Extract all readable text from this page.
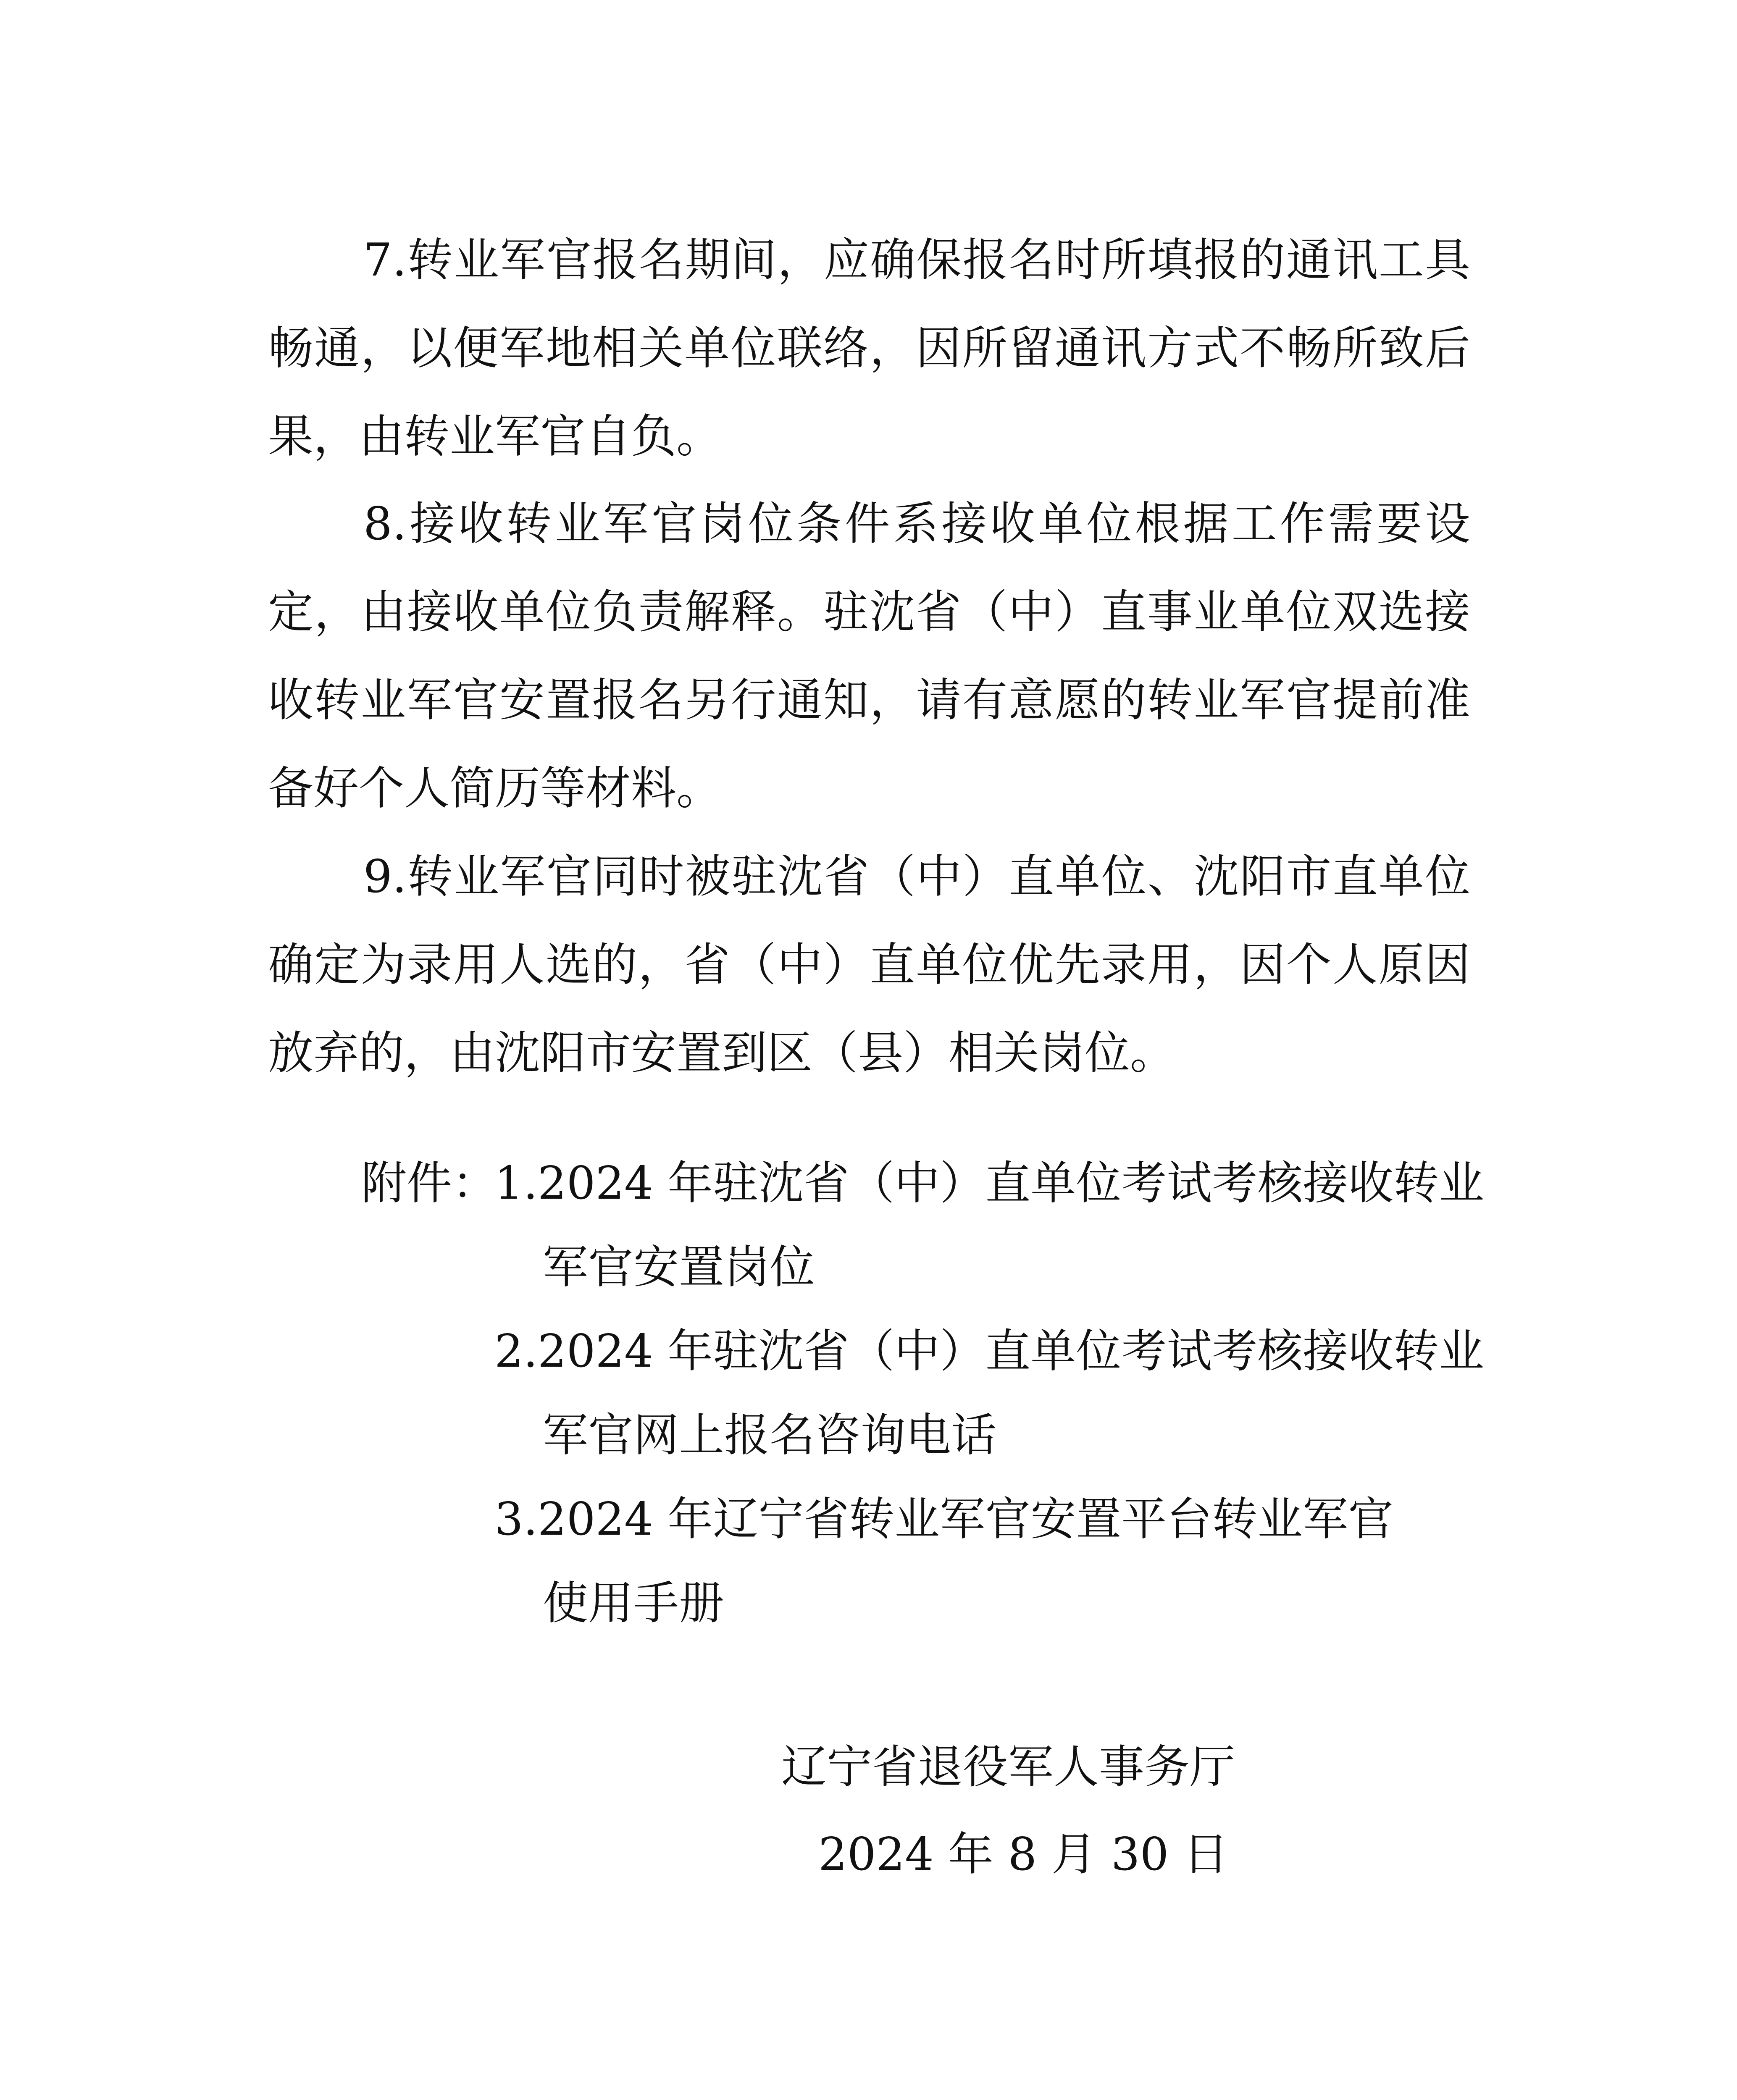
7.转业军官报名期间，应确保报名时所填报的通讯工具
畅通，以便军地相关单位联络，因所留通讯方式不畅所致后
果，由转业军官自负。
8.接收转业军官岗位条件系接收单位根据工作需要设
定，由接收单位负责解释。驻沈省（中）直事业单位双选接
收转业军官安置报名另行通知，请有意愿的转业军官提前准
备好个人简历等材料。
9.转业军官同时被驻沈省（中）直单位、沈阳市直单位
确定为录用人选的，省（中）直单位优先录用，因个人原因
放弃的，由沈阳市安置到区（县）相关岗位。
附件：
1.2024 年驻沈省（中）直单位考试考核接收转业
军官安置岗位
2.2024 年驻沈省（中）直单位考试考核接收转业
军官网上报名咨询电话
3.2024 年辽宁省转业军官安置平台转业军官
使用手册
辽宁省退役军人事务厅
2024 年 8 月 30 日
